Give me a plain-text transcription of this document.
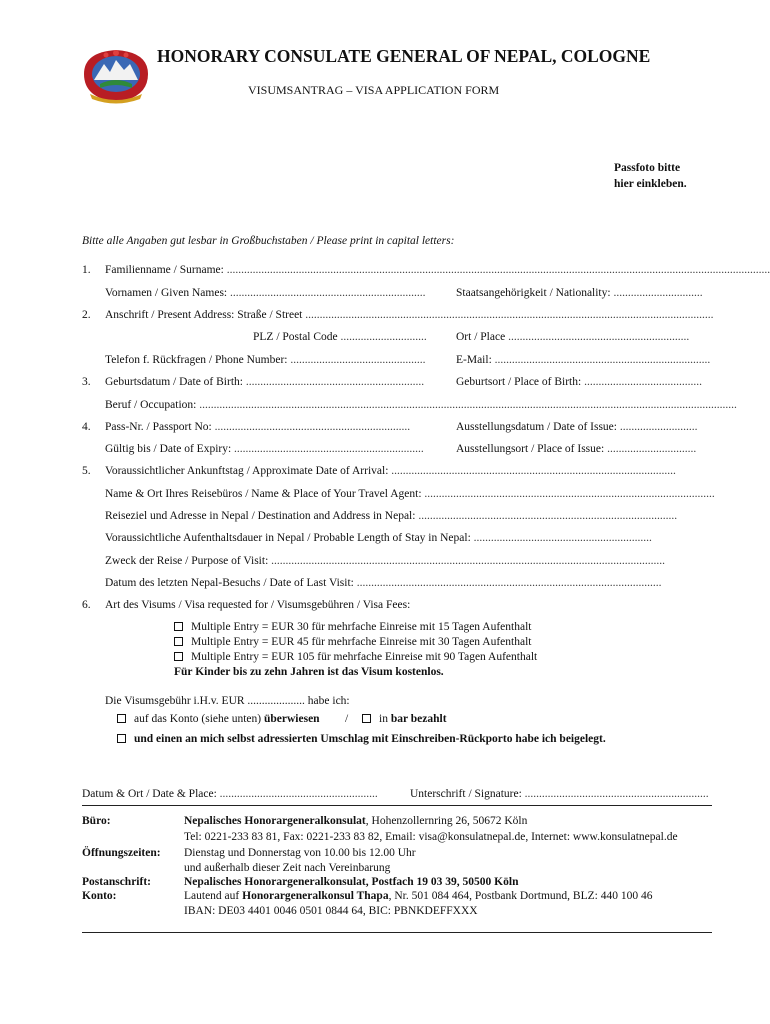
HONORARY CONSULATE GENERAL OF NEPAL, COLOGNE
VISUMSANTRAG – VISA APPLICATION FORM
Passfoto bitte
hier einkleben.
Bitte alle Angaben gut lesbar in Großbuchstaben / Please print in capital letters:
1. Familienname / Surname: .............................................................................................................................................................................................
Vornamen / Given Names: ....................................................................	Staatsangehörigkeit / Nationality: ...............................
2. Anschrift / Present Address: Straße / Street ..............................................................................................................................................
PLZ / Postal Code ..............................	Ort / Place ...............................................................
Telefon f. Rückfragen / Phone Number: ...............................................	E-Mail: ...........................................................................
3. Geburtsdatum / Date of Birth: ..............................................................	Geburtsort / Place of Birth: .........................................
Beruf / Occupation: ...........................................................................................................................................................................................
4. Pass-Nr. / Passport No: ....................................................................	Ausstellungsdatum / Date of Issue: ...........................
Gültig bis / Date of Expiry: ..................................................................	Ausstellungsort / Place of Issue: ...............................
5. Voraussichtlicher Ankunftstag / Approximate Date of Arrival: ...................................................................................................
Name & Ort Ihres Reisebüros / Name & Place of Your Travel Agent: .....................................................................................................
Reiseziel und Adresse in Nepal / Destination and Address in Nepal: ..........................................................................................
Voraussichtliche Aufenthaltsdauer in Nepal / Probable Length of Stay in Nepal: ..............................................................
Zweck der Reise / Purpose of Visit: .........................................................................................................................................
Datum des letzten Nepal-Besuchs / Date of Last Visit: ..........................................................................................................
6. Art des Visums / Visa requested for / Visumsgebühren / Visa Fees:
Multiple Entry = EUR 30 für mehrfache Einreise mit 15 Tagen Aufenthalt
Multiple Entry = EUR 45 für mehrfache Einreise mit 30 Tagen Aufenthalt
Multiple Entry = EUR 105 für mehrfache Einreise mit 90 Tagen Aufenthalt
Für Kinder bis zu zehn Jahren ist das Visum kostenlos.
Die Visumsgebühr i.H.v. EUR .................... habe ich:
auf das Konto (siehe unten) überwiesen /	in bar bezahlt
und einen an mich selbst adressierten Umschlag mit Einschreiben-Rückporto habe ich beigelegt.
Datum & Ort / Date & Place: .......................................................	Unterschrift / Signature: ................................................................
Büro:	Nepalisches Honorargeneralkonsulat, Hohenzollernring 26, 50672 Köln
Tel: 0221-233 83 81, Fax: 0221-233 83 82, Email: visa@konsulatnepal.de, Internet: www.konsulatnepal.de
Öffnungszeiten: Dienstag und Donnerstag von 10.00 bis 12.00 Uhr
und außerhalb dieser Zeit nach Vereinbarung
Postanschrift:	Nepalisches Honorargeneralkonsulat, Postfach 19 03 39, 50500 Köln
Konto:	Lautend auf Honorargeneralkonsul Thapa, Nr. 501 084 464, Postbank Dortmund, BLZ: 440 100 46
IBAN: DE03 4401 0046 0501 0844 64, BIC: PBNKDEFFXXX
